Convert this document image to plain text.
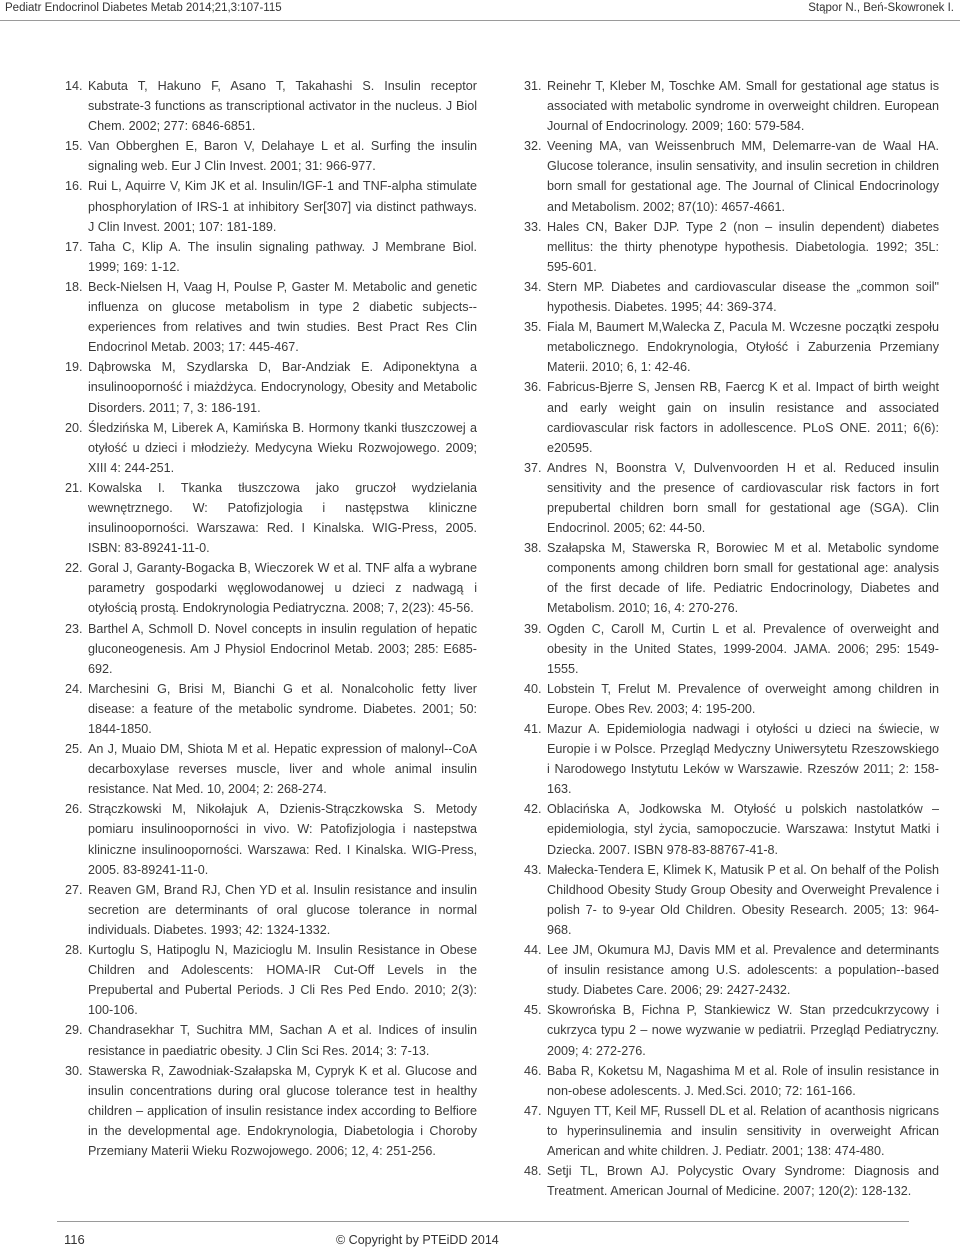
Pediatr Endocrinol Diabetes Metab 2014;21,3:107-115	Stąpor N., Beń-Skowronek I.
14. Kabuta T, Hakuno F, Asano T, Takahashi S. Insulin receptor substrate-3 functions as transcriptional activator in the nucleus. J Biol Chem. 2002; 277: 6846-6851.
15. Van Obberghen E, Baron V, Delahaye L et al. Surfing the insulin signaling web. Eur J Clin Invest. 2001; 31: 966-977.
16. Rui L, Aquirre V, Kim JK et al. Insulin/IGF-1 and TNF-alpha stimulate phosphorylation of IRS-1 at inhibitory Ser[307] via distinct pathways. J Clin Invest. 2001; 107: 181-189.
17. Taha C, Klip A. The insulin signaling pathway. J Membrane Biol. 1999; 169: 1-12.
18. Beck-Nielsen H, Vaag H, Poulse P, Gaster M. Metabolic and genetic influenza on glucose metabolism in type 2 diabetic subjects--experiences from relatives and twin studies. Best Pract Res Clin Endocrinol Metab. 2003; 17: 445-467.
19. Dąbrowska M, Szydlarska D, Bar-Andziak E. Adiponektyna a insulinooporność i miażdżyca. Endocrynology, Obesity and Metabolic Disorders. 2011; 7, 3: 186-191.
20. Śledzińska M, Liberek A, Kamińska B. Hormony tkanki tłuszczowej a otyłość u dzieci i młodzieży. Medycyna Wieku Rozwojowego. 2009; XIII 4: 244-251.
21. Kowalska I. Tkanka tłuszczowa jako gruczoł wydzielania wewnętrznego. W: Patofizjologia i następstwa kliniczne insulinooporności. Warszawa: Red. I Kinalska. WIG-Press, 2005. ISBN: 83-89241-11-0.
22. Goral J, Garanty-Bogacka B, Wieczorek W et al. TNF alfa a wybrane parametry gospodarki węglowodanowej u dzieci z nadwagą i otyłością prostą. Endokrynologia Pediatryczna. 2008; 7, 2(23): 45-56.
23. Barthel A, Schmoll D. Novel concepts in insulin regulation of hepatic gluconeogenesis. Am J Physiol Endocrinol Metab. 2003; 285: E685-692.
24. Marchesini G, Brisi M, Bianchi G et al. Nonalcoholic fetty liver disease: a feature of the metabolic syndrome. Diabetes. 2001; 50: 1844-1850.
25. An J, Muaio DM, Shiota M et al. Hepatic expression of malonyl--CoA decarboxylase reverses muscle, liver and whole animal insulin resistance. Nat Med. 10, 2004; 2: 268-274.
26. Strączkowski M, Nikołajuk A, Dzienis-Strączkowska S. Metody pomiaru insulinooporności in vivo. W: Patofizjologia i nastepstwa kliniczne insulinooporności. Warszawa: Red. I Kinalska. WIG-Press, 2005. 83-89241-11-0.
27. Reaven GM, Brand RJ, Chen YD et al. Insulin resistance and insulin secretion are determinants of oral glucose tolerance in normal individuals. Diabetes. 1993; 42: 1324-1332.
28. Kurtoglu S, Hatipoglu N, Mazicioglu M. Insulin Resistance in Obese Children and Adolescents: HOMA-IR Cut-Off Levels in the Prepubertal and Pubertal Periods. J Cli Res Ped Endo. 2010; 2(3): 100-106.
29. Chandrasekhar T, Suchitra MM, Sachan A et al. Indices of insulin resistance in paediatric obesity. J Clin Sci Res. 2014; 3: 7-13.
30. Stawerska R, Zawodniak-Szałapska M, Cypryk K et al. Glucose and insulin concentrations during oral glucose tolerance test in healthy children – application of insulin resistance index according to Belfiore in the developmental age. Endokrynologia, Diabetologia i Choroby Przemiany Materii Wieku Rozwojowego. 2006; 12, 4: 251-256.
31. Reinehr T, Kleber M, Toschke AM. Small for gestational age status is associated with metabolic syndrome in overweight children. European Journal of Endocrinology. 2009; 160: 579-584.
32. Veening MA, van Weissenbruch MM, Delemarre-van de Waal HA. Glucose tolerance, insulin sensativity, and insulin secretion in children born small for gestational age. The Journal of Clinical Endocrinology and Metabolism. 2002; 87(10): 4657-4661.
33. Hales CN, Baker DJP. Type 2 (non – insulin dependent) diabetes mellitus: the thirty phenotype hypothesis. Diabetologia. 1992; 35L: 595-601.
34. Stern MP. Diabetes and cardiovascular disease the „common soil" hypothesis. Diabetes. 1995; 44: 369-374.
35. Fiala M, Baumert M,Walecka Z, Pacula M. Wczesne początki zespołu metabolicznego. Endokrynologia, Otyłość i Zaburzenia Przemiany Materii. 2010; 6, 1: 42-46.
36. Fabricus-Bjerre S, Jensen RB, Faercg K et al. Impact of birth weight and early weight gain on insulin resistance and associated cardiovascular risk factors in adollescence. PLoS ONE. 2011; 6(6): e20595.
37. Andres N, Boonstra V, Dulvenvoorden H et al. Reduced insulin sensitivity and the presence of cardiovascular risk factors in fort prepubertal children born small for gestational age (SGA). Clin Endocrinol. 2005; 62: 44-50.
38. Szałapska M, Stawerska R, Borowiec M et al. Metabolic syndome components among children born small for gestational age: analysis of the first decade of life. Pediatric Endocrinology, Diabetes and Metabolism. 2010; 16, 4: 270-276.
39. Ogden C, Caroll M, Curtin L et al. Prevalence of overweight and obesity in the United States, 1999-2004. JAMA. 2006; 295: 1549-1555.
40. Lobstein T, Frelut M. Prevalence of overweight among children in Europe. Obes Rev. 2003; 4: 195-200.
41. Mazur A. Epidemiologia nadwagi i otyłości u dzieci na świecie, w Europie i w Polsce. Przegląd Medyczny Uniwersytetu Rzeszowskiego i Narodowego Instytutu Leków w Warszawie. Rzeszów 2011; 2: 158-163.
42. Oblacińska A, Jodkowska M. Otyłość u polskich nastolatków – epidemiologia, styl życia, samopoczucie. Warszawa: Instytut Matki i Dziecka. 2007. ISBN 978-83-88767-41-8.
43. Małecka-Tendera E, Klimek K, Matusik P et al. On behalf of the Polish Childhood Obesity Study Group Obesity and Overweight Prevalence i polish 7- to 9-year Old Children. Obesity Research. 2005; 13: 964-968.
44. Lee JM, Okumura MJ, Davis MM et al. Prevalence and determinants of insulin resistance among U.S. adolescents: a population--based study. Diabetes Care. 2006; 29: 2427-2432.
45. Skowrońska B, Fichna P, Stankiewicz W. Stan przedcukrzycowy i cukrzyca typu 2 – nowe wyzwanie w pediatrii. Przegląd Pediatryczny. 2009; 4: 272-276.
46. Baba R, Koketsu M, Nagashima M et al. Role of insulin resistance in non-obese adolescents. J. Med.Sci. 2010; 72: 161-166.
47. Nguyen TT, Keil MF, Russell DL et al. Relation of acanthosis nigricans to hyperinsulinemia and insulin sensitivity in overweight African American and white children. J. Pediatr. 2001; 138: 474-480.
48. Setji TL, Brown AJ. Polycystic Ovary Syndrome: Diagnosis and Treatment. American Journal of Medicine. 2007; 120(2): 128-132.
116	© Copyright by PTEiDD 2014
